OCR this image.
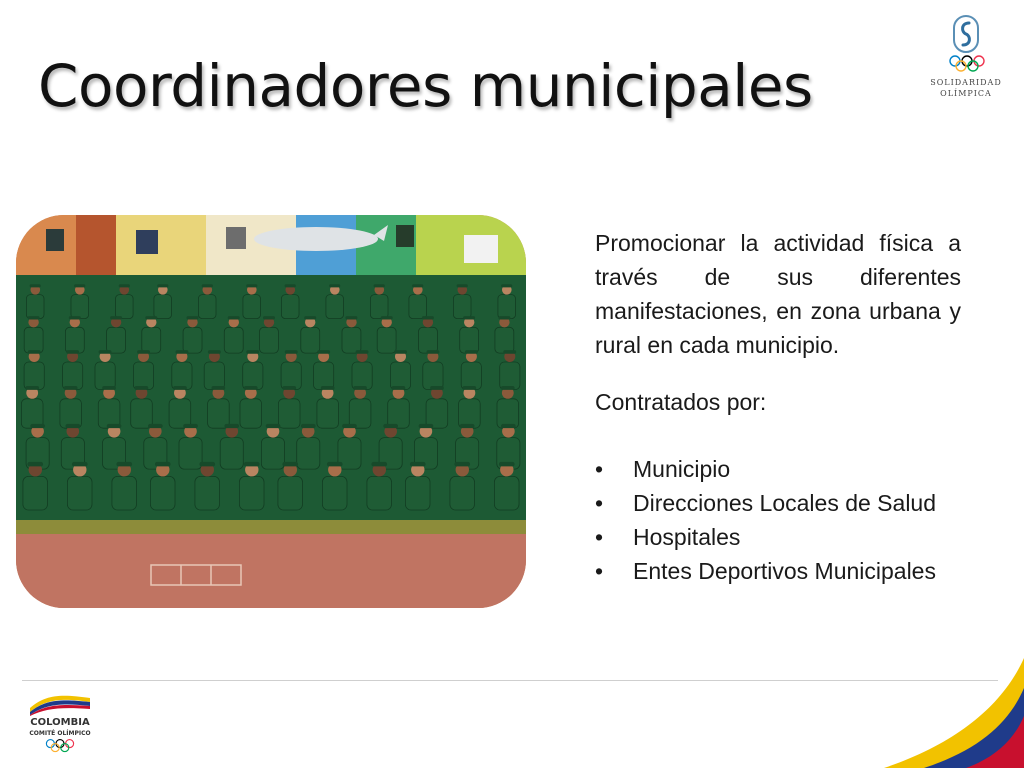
Coordinadores municipales	SOLIDARIDAD
OLÍMPICA

Promocionar la actividad física a través de sus diferentes manifestaciones, en zona urbana y rural en cada municipio.

Contratados por:

• Municipio
• Direcciones Locales de Salud
• Hospitales
• Entes Deportivos Municipales
COLOMBIA
COMITÉ OLÍMPICO
